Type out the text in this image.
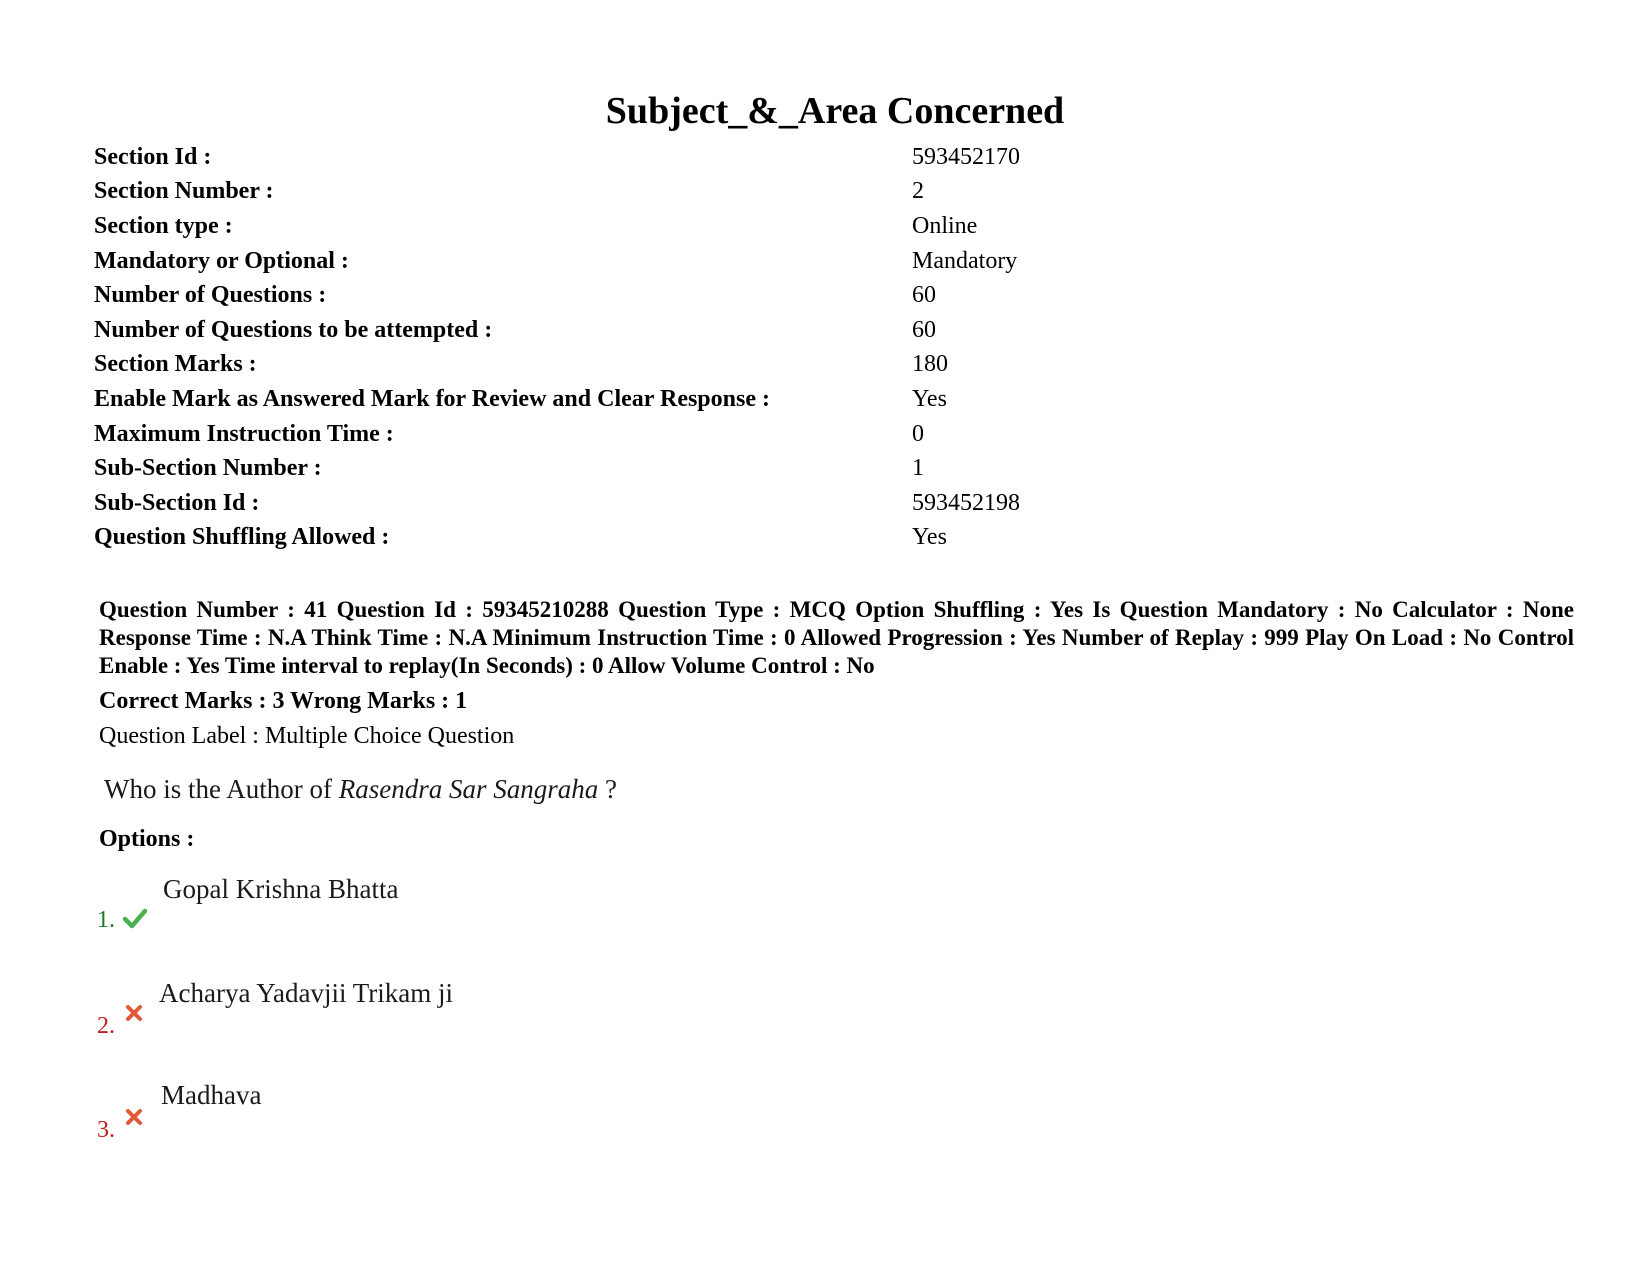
Subject_&_Area Concerned
Section Id :	593452170
Section Number :	2
Section type :	Online
Mandatory or Optional :	Mandatory
Number of Questions :	60
Number of Questions to be attempted :	60
Section Marks :	180
Enable Mark as Answered Mark for Review and Clear Response :	Yes
Maximum Instruction Time :	0
Sub-Section Number :	1
Sub-Section Id :	593452198
Question Shuffling Allowed :	Yes
Question Number : 41 Question Id : 59345210288 Question Type : MCQ Option Shuffling : Yes Is Question Mandatory : No Calculator : None Response Time : N.A Think Time : N.A Minimum Instruction Time : 0 Allowed Progression : Yes Number of Replay : 999 Play On Load : No Control Enable : Yes Time interval to replay(In Seconds) : 0 Allow Volume Control : No
Correct Marks : 3 Wrong Marks : 1
Question Label : Multiple Choice Question
Who is the Author of Rasendra Sar Sangraha ?
Options :
1.
Gopal Krishna Bhatta
2.
Acharya Yadavjii Trikam ji
3.
Madhava
